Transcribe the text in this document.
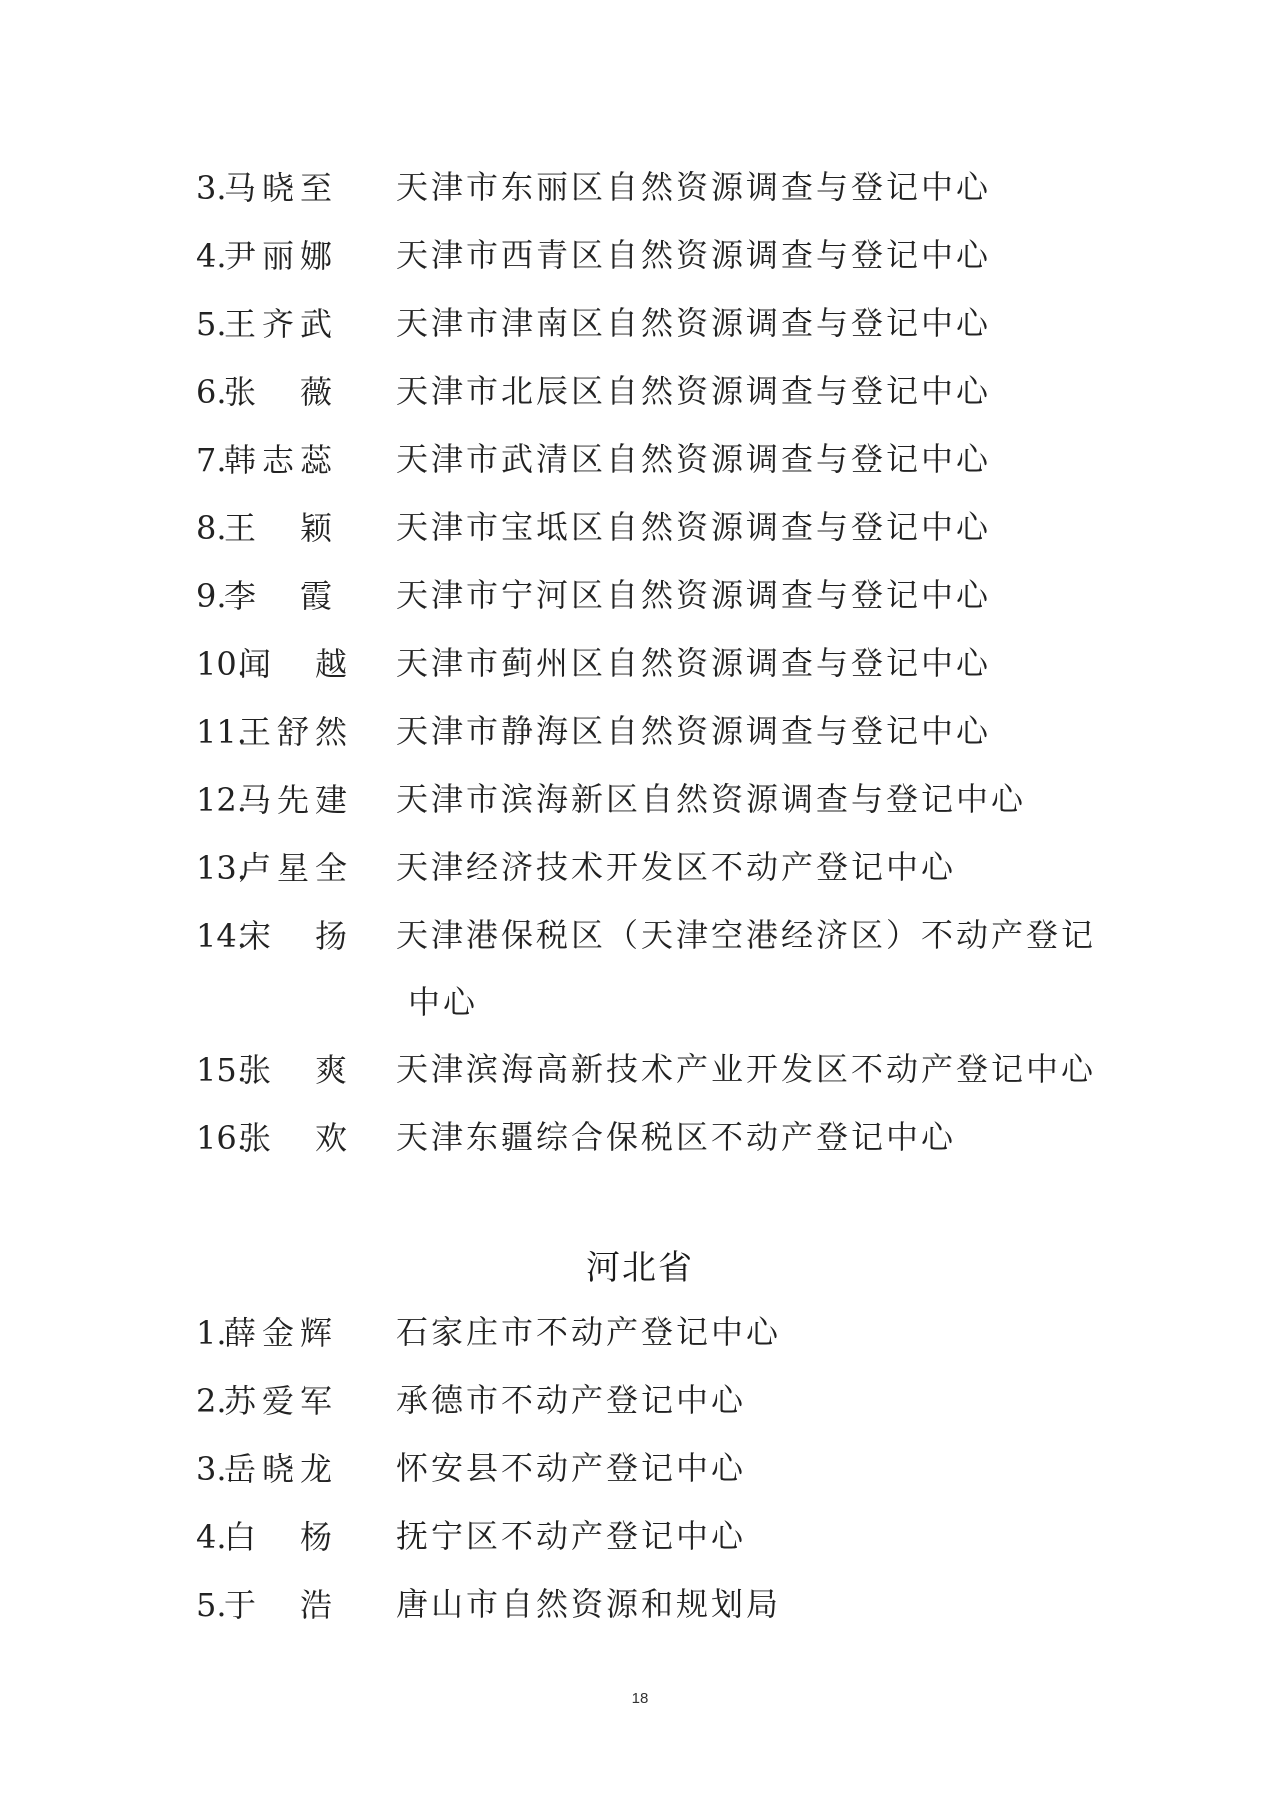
3.
马 晓 至 天津市东丽区自然资源调查与登记中心
4.
尹 丽 娜 天津市西青区自然资源调查与登记中心
5.
王 齐 武 天津市津南区自然资源调查与登记中心
6.
张 薇 天津市北辰区自然资源调查与登记中心
7.
韩 志 蕊 天津市武清区自然资源调查与登记中心
8.
王 颖 天津市宝坻区自然资源调查与登记中心
9.
李 霞 天津市宁河区自然资源调查与登记中心
10.
闻 越 天津市蓟州区自然资源调查与登记中心
11.
王 舒 然 天津市静海区自然资源调查与登记中心
12.
马 先 建 天津市滨海新区自然资源调查与登记中心
13.
卢 星 全 天津经济技术开发区不动产登记中心
14.
宋 扬 天津港保税区（天津空港经济区）不动产登记
中心
15.
张 爽 天津滨海高新技术产业开发区不动产登记中心
16.
张 欢 天津东疆综合保税区不动产登记中心
河北省
1.
薛 金 辉 石家庄市不动产登记中心
2.
苏 爱 军 承德市不动产登记中心
3.
岳 晓 龙 怀安县不动产登记中心
4.
白 杨 抚宁区不动产登记中心
5.
于 浩 唐山市自然资源和规划局
18
